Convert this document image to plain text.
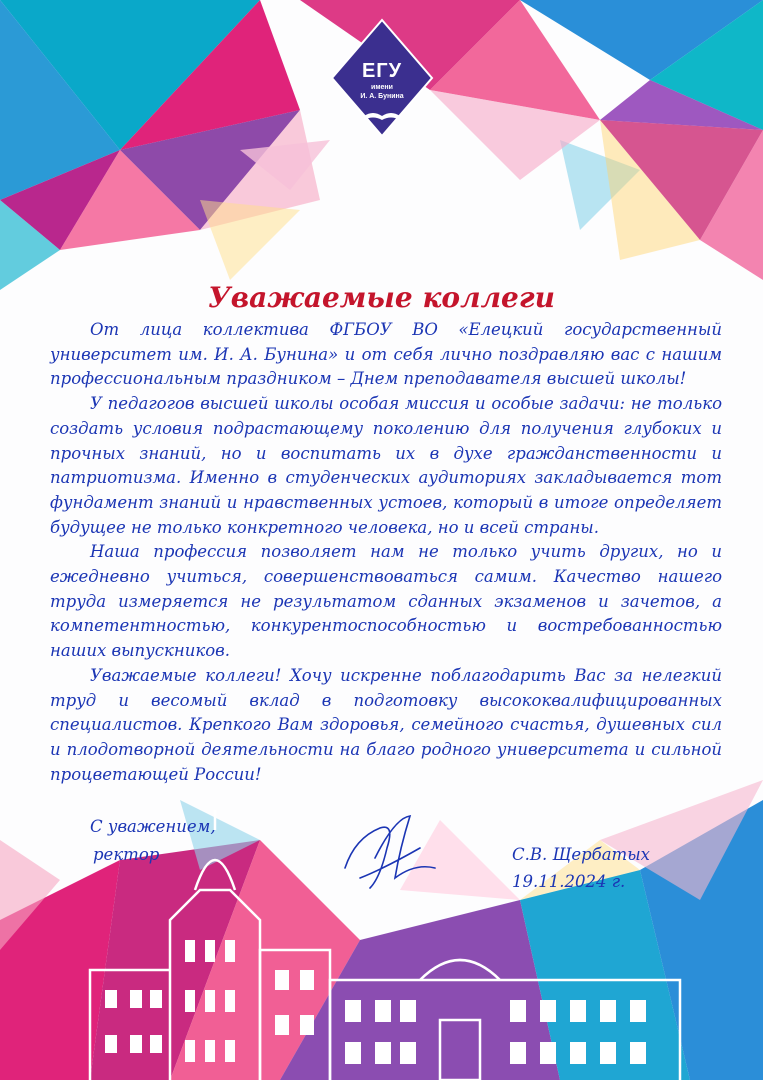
ЕГУ
имени
И. А. Бунина
Уважаемые коллеги

От лица коллектива ФГБОУ ВО «Елецкий государственный университет им. И. А. Бунина» и от себя лично поздравляю вас с нашим профессиональным праздником – Днем преподавателя высшей школы!

У педагогов высшей школы особая миссия и особые задачи: не только создать условия подрастающему поколению для получения глубоких и прочных знаний, но и воспитать их в духе гражданственности и патриотизма. Именно в студенческих аудиториях закладывается тот фундамент знаний и нравственных устоев, который в итоге определяет будущее не только конкретного человека, но и всей страны.

Наша профессия позволяет нам не только учить других, но и ежедневно учиться, совершенствоваться самим. Качество нашего труда измеряется не результатом сданных экзаменов и зачетов, а компетентностью, конкурентоспособностью и востребованностью наших выпускников.

Уважаемые коллеги! Хочу искренне поблагодарить Вас за нелегкий труд и весомый вклад в подготовку высококвалифицированных специалистов. Крепкого Вам здоровья, семейного счастья, душевных сил и плодотворной деятельности на благо родного университета и сильной процветающей России!

С уважением,
ректор	С.В. Щербатых
19.11.2024 г.
